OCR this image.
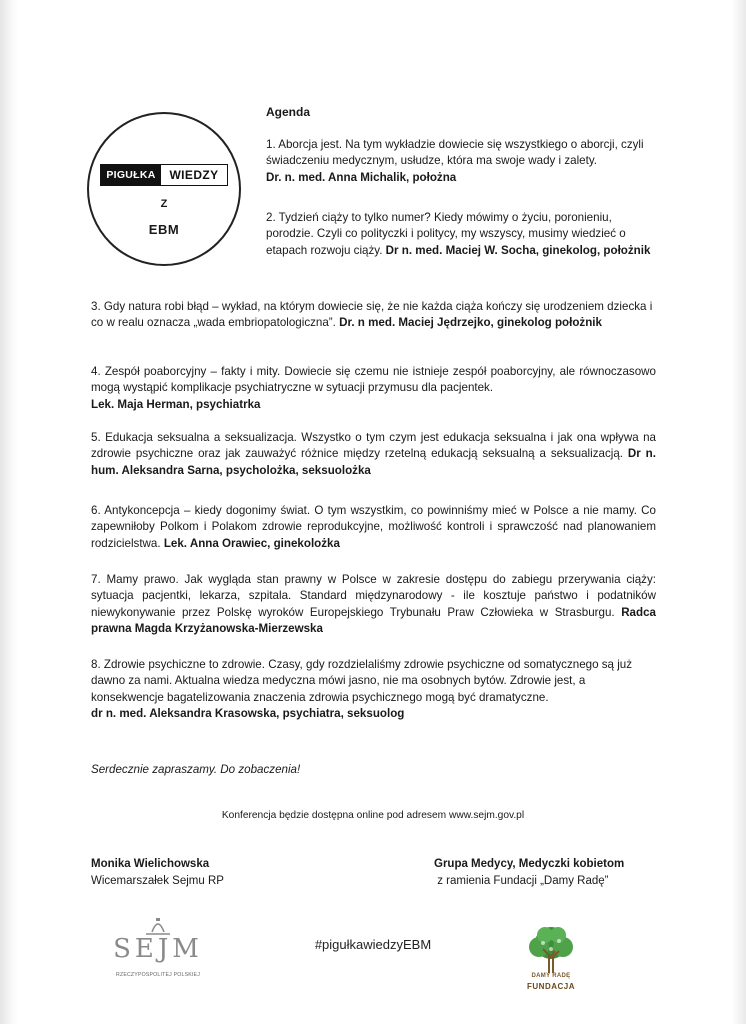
PIGUŁKA	WIEDZY
Z
EBM
Agenda
1. Aborcja jest. Na tym wykładzie dowiecie się wszystkiego o aborcji, czyli świadczeniu medycznym, usłudze, która ma swoje wady i zalety.
Dr. n. med. Anna Michalik, położna
2. Tydzień ciąży to tylko numer? Kiedy mówimy o życiu, poronieniu, porodzie. Czyli co polityczki i politycy, my wszyscy, musimy wiedzieć o etapach rozwoju ciąży. Dr n. med. Maciej W. Socha, ginekolog, położnik
3. Gdy natura robi błąd – wykład, na którym dowiecie się, że nie każda ciąża kończy się urodzeniem dziecka i co w realu oznacza „wada embriopatologiczna”. Dr. n med. Maciej Jędrzejko, ginekolog położnik
4. Zespół poaborcyjny – fakty i mity. Dowiecie się czemu nie istnieje zespół poaborcyjny, ale równoczasowo mogą wystąpić komplikacje psychiatryczne w sytuacji przymusu dla pacjentek.
Lek. Maja Herman, psychiatrka
5. Edukacja seksualna a seksualizacja. Wszystko o tym czym jest edukacja seksualna i jak ona wpływa na zdrowie psychiczne oraz jak zauważyć różnice między rzetelną edukacją seksualną a seksualizacją. Dr n. hum. Aleksandra Sarna, psycholożka, seksuolożka
6. Antykoncepcja – kiedy dogonimy świat. O tym wszystkim, co powinniśmy mieć w Polsce a nie mamy. Co zapewniłoby Polkom i Polakom zdrowie reprodukcyjne, możliwość kontroli i sprawczość nad planowaniem rodzicielstwa. Lek. Anna Orawiec, ginekolożka
7. Mamy prawo. Jak wygląda stan prawny w Polsce w zakresie dostępu do zabiegu przerywania ciąży: sytuacja pacjentki, lekarza, szpitala. Standard międzynarodowy - ile kosztuje państwo i podatników niewykonywanie przez Polskę wyroków Europejskiego Trybunału Praw Człowieka w Strasburgu. Radca prawna Magda Krzyżanowska-Mierzewska
8. Zdrowie psychiczne to zdrowie. Czasy, gdy rozdzielaliśmy zdrowie psychiczne od somatycznego są już dawno za nami. Aktualna wiedza medyczna mówi jasno, nie ma osobnych bytów. Zdrowie jest, a konsekwencje bagatelizowania znaczenia zdrowia psychicznego mogą być dramatyczne.
dr n. med. Aleksandra Krasowska, psychiatra, seksuolog
Serdecznie zapraszamy. Do zobaczenia!
Konferencja będzie dostępna online pod adresem www.sejm.gov.pl
Monika Wielichowska
Wicemarszałek Sejmu RP
Grupa Medycy, Medyczki kobietom
z ramienia Fundacji „Damy Radę”
SEJM
RZECZYPOSPOLITEJ POLSKIEJ
#pigułkawiedzyEBM
DAMY RADĘ
FUNDACJA
